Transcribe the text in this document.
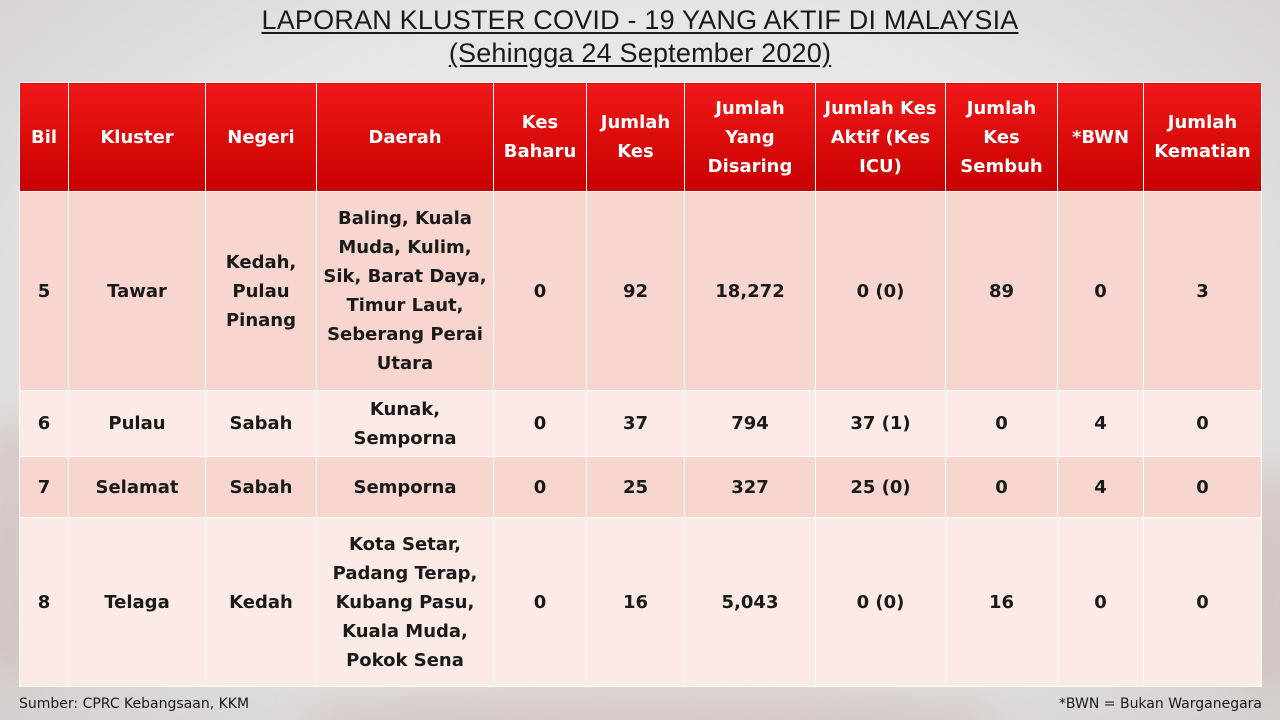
LAPORAN KLUSTER COVID - 19 YANG AKTIF DI MALAYSIA
(Sehingga 24 September 2020)
Bil	Kluster	Negeri	Daerah	Kes Baharu	Jumlah Kes	Jumlah Yang Disaring	Jumlah Kes Aktif (Kes ICU)	Jumlah Kes Sembuh	*BWN	Jumlah Kematian
5	Tawar	Kedah, Pulau Pinang	Baling, Kuala Muda, Kulim, Sik, Barat Daya, Timur Laut, Seberang Perai Utara	0	92	18,272	0 (0)	89	0	3
6	Pulau	Sabah	Kunak, Semporna	0	37	794	37 (1)	0	4	0
7	Selamat	Sabah	Semporna	0	25	327	25 (0)	0	4	0
8	Telaga	Kedah	Kota Setar, Padang Terap, Kubang Pasu, Kuala Muda, Pokok Sena	0	16	5,043	0 (0)	16	0	0
Sumber: CPRC Kebangsaan, KKM	*BWN = Bukan Warganegara
